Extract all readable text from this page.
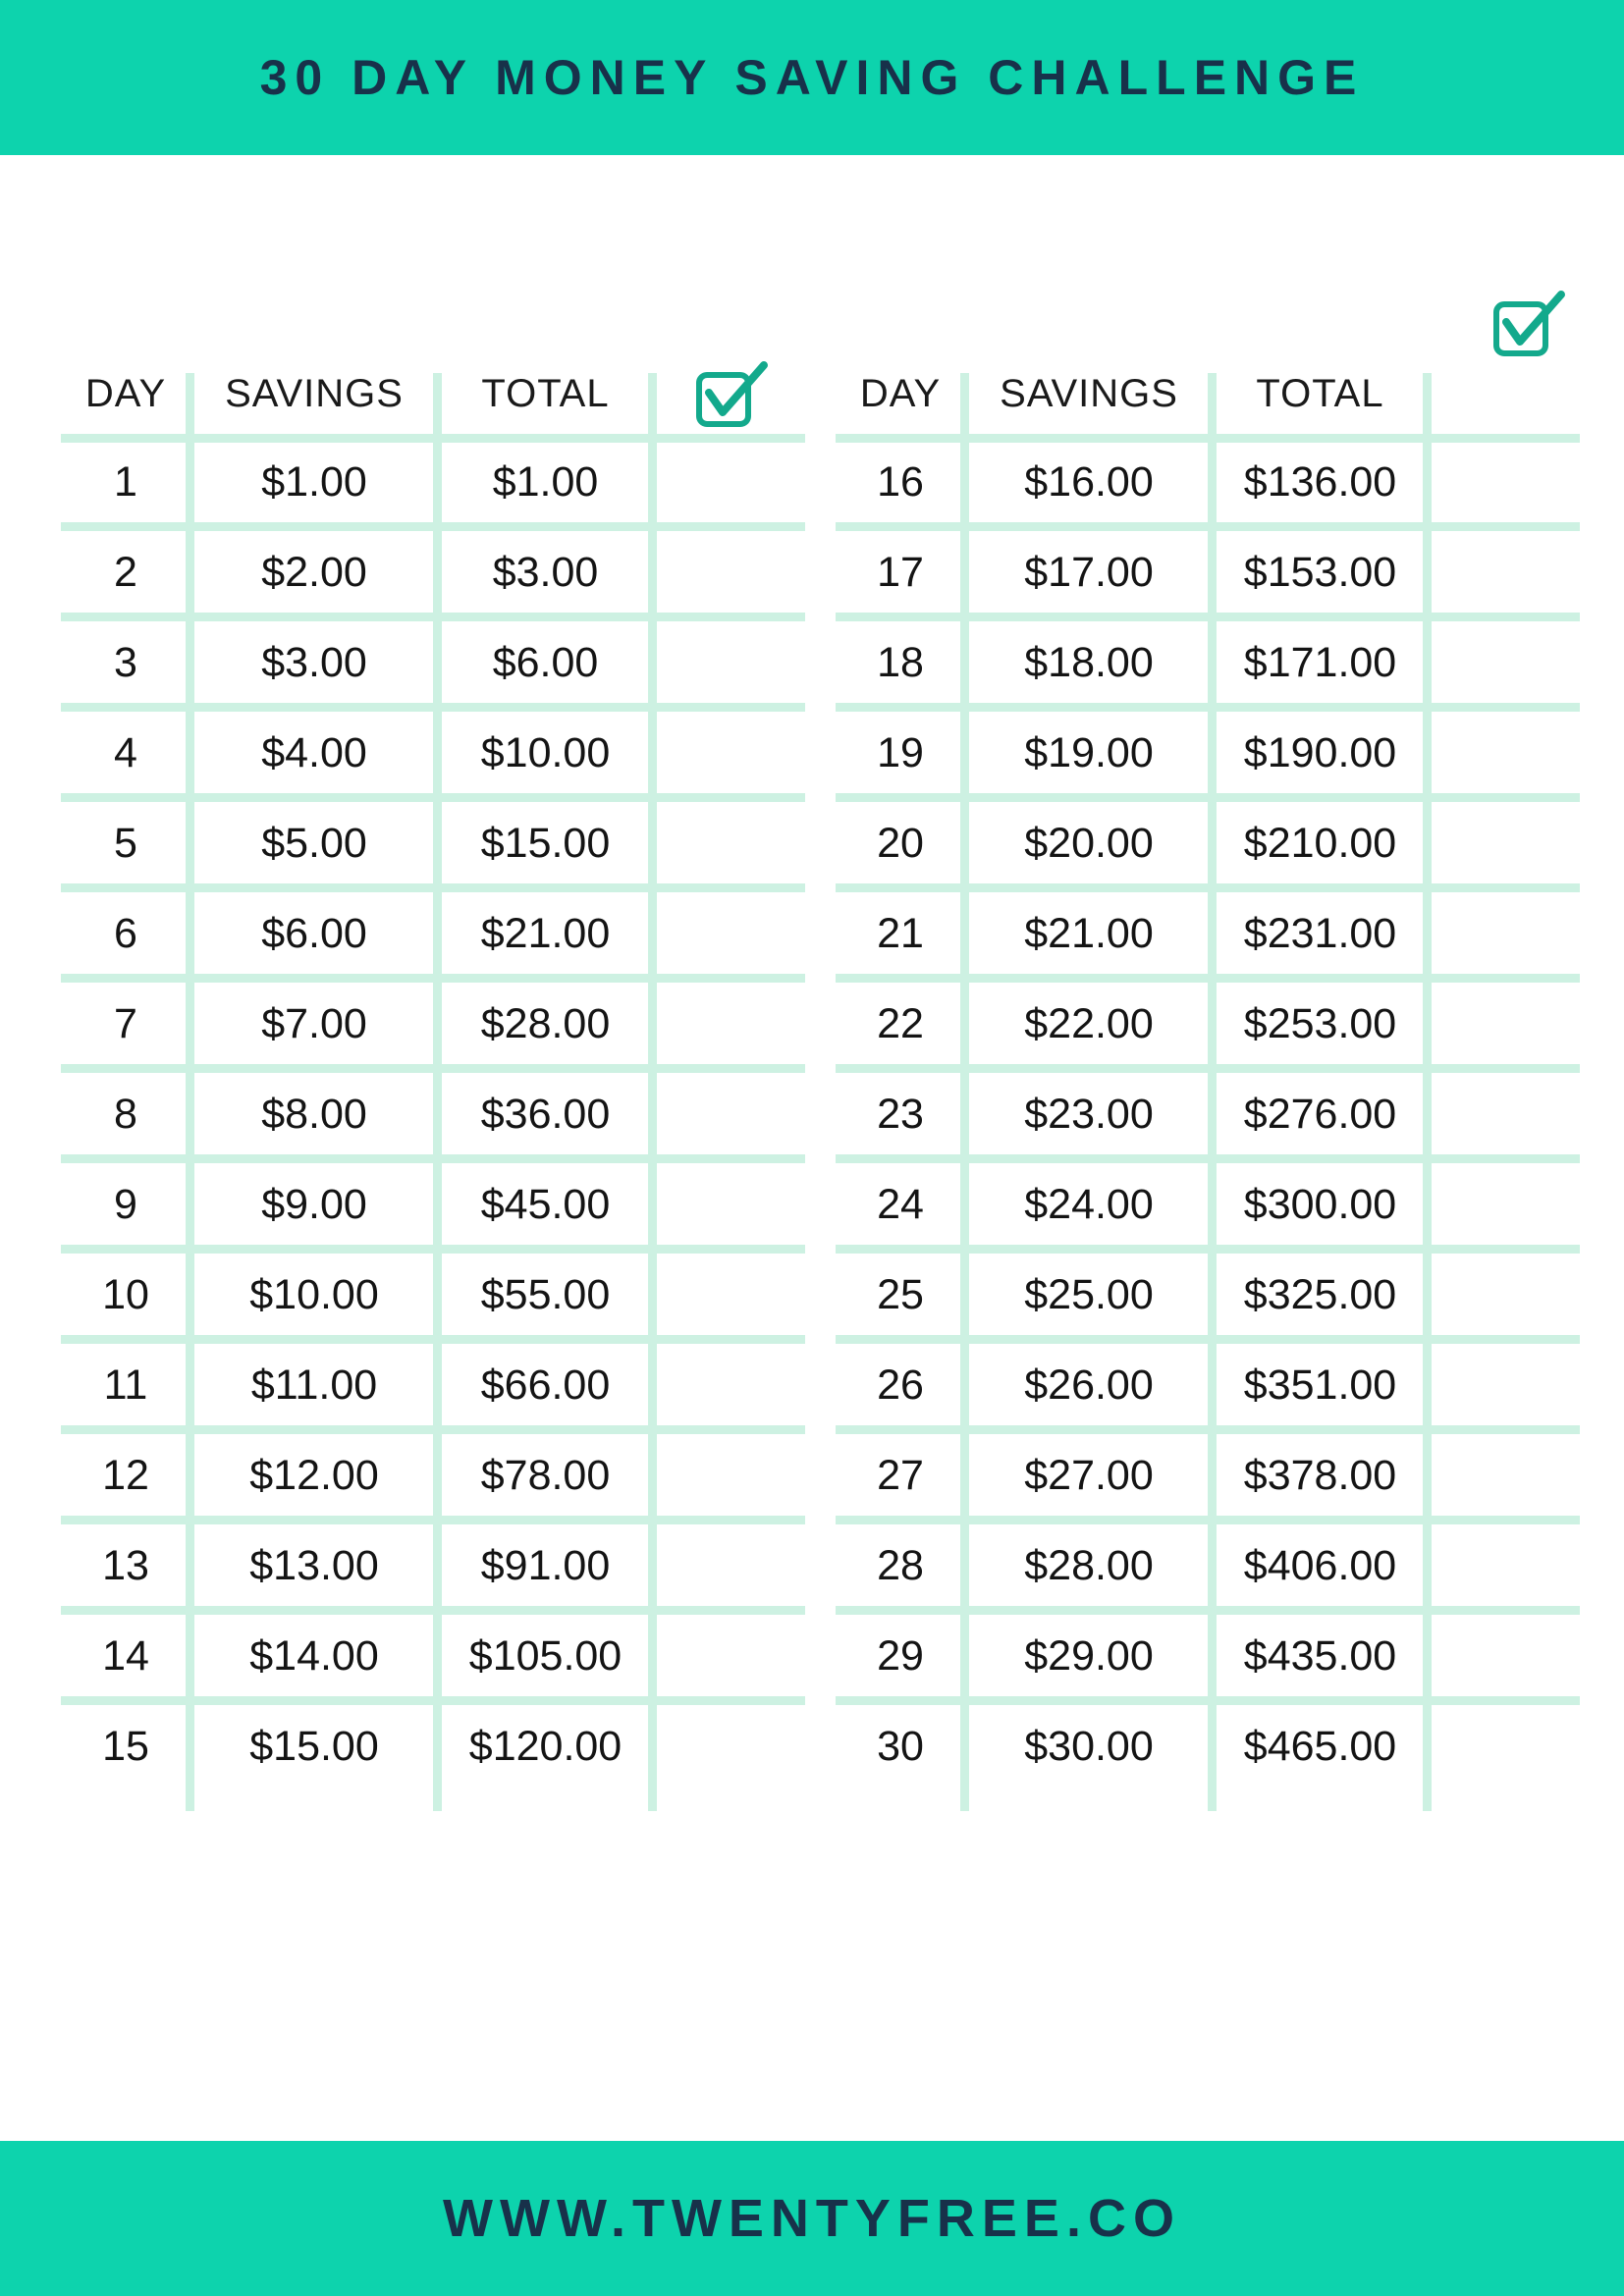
30 DAY MONEY SAVING CHALLENGE
DAY	SAVINGS	TOTAL
1	$1.00	$1.00
2	$2.00	$3.00
3	$3.00	$6.00
4	$4.00	$10.00
5	$5.00	$15.00
6	$6.00	$21.00
7	$7.00	$28.00
8	$8.00	$36.00
9	$9.00	$45.00
10	$10.00	$55.00
11	$11.00	$66.00
12	$12.00	$78.00
13	$13.00	$91.00
14	$14.00	$105.00
15	$15.00	$120.00
DAY	SAVINGS	TOTAL
16	$16.00	$136.00
17	$17.00	$153.00
18	$18.00	$171.00
19	$19.00	$190.00
20	$20.00	$210.00
21	$21.00	$231.00
22	$22.00	$253.00
23	$23.00	$276.00
24	$24.00	$300.00
25	$25.00	$325.00
26	$26.00	$351.00
27	$27.00	$378.00
28	$28.00	$406.00
29	$29.00	$435.00
30	$30.00	$465.00
WWW.TWENTYFREE.CO
